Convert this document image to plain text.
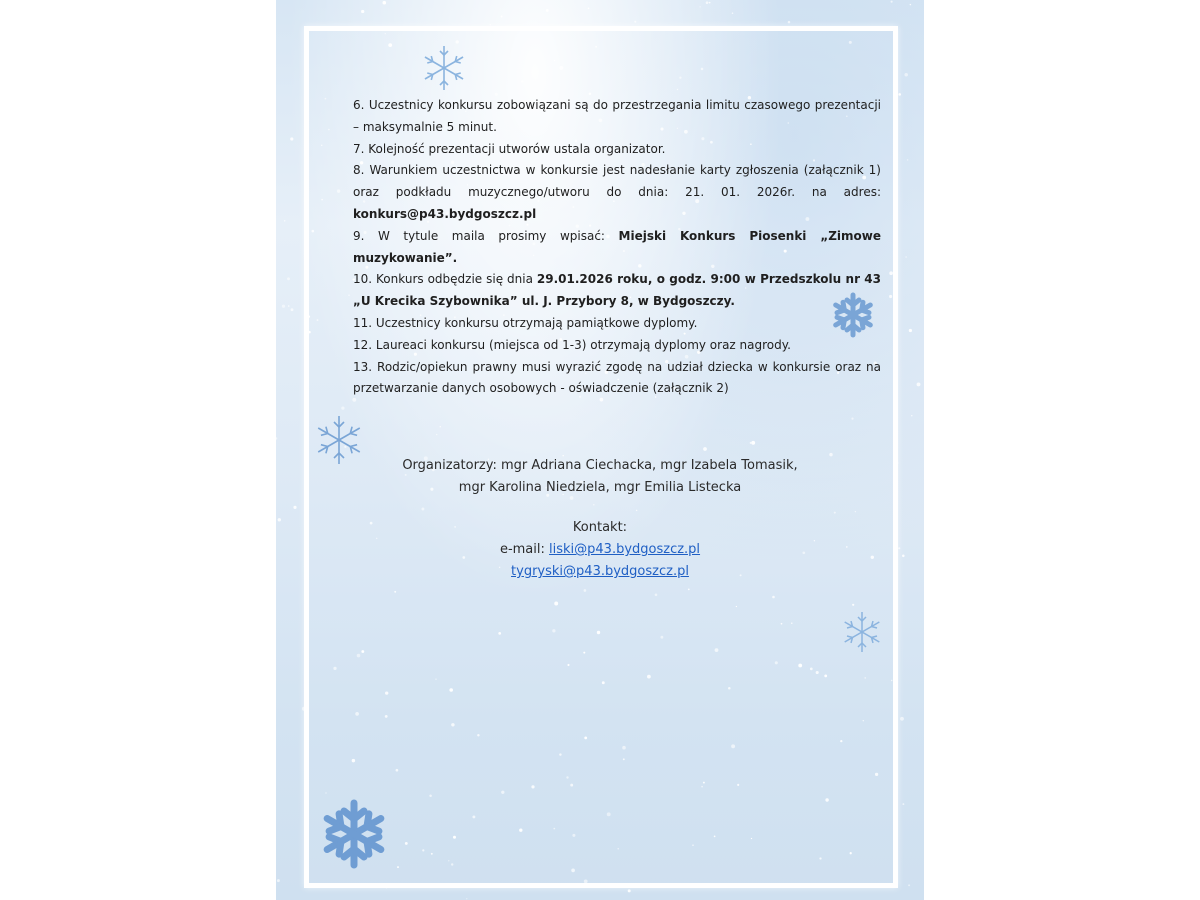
6. Uczestnicy konkursu zobowiązani są do przestrzegania limitu czasowego prezentacji – maksymalnie 5 minut.

7. Kolejność prezentacji utworów ustala organizator.

8. Warunkiem uczestnictwa w konkursie jest nadesłanie karty zgłoszenia (załącznik 1) oraz podkładu muzycznego/utworu do dnia: 21. 01. 2026r. na adres: konkurs@p43.bydgoszcz.pl

9. W tytule maila prosimy wpisać: Miejski Konkurs Piosenki „Zimowe muzykowanie”.

10. Konkurs odbędzie się dnia 29.01.2026 roku, o godz. 9:00 w Przedszkolu nr 43 „U Krecika Szybownika” ul. J. Przybory 8, w Bydgoszczy.

11. Uczestnicy konkursu otrzymają pamiątkowe dyplomy.

12. Laureaci konkursu (miejsca od 1-3) otrzymają dyplomy oraz nagrody.

13. Rodzic/opiekun prawny musi wyrazić zgodę na udział dziecka w konkursie oraz na przetwarzanie danych osobowych - oświadczenie (załącznik 2)

Organizatorzy: mgr Adriana Ciechacka, mgr Izabela Tomasik,
mgr Karolina Niedziela, mgr Emilia Listecka
Kontakt:
e-mail: liski@p43.bydgoszcz.pl
tygryski@p43.bydgoszcz.pl
